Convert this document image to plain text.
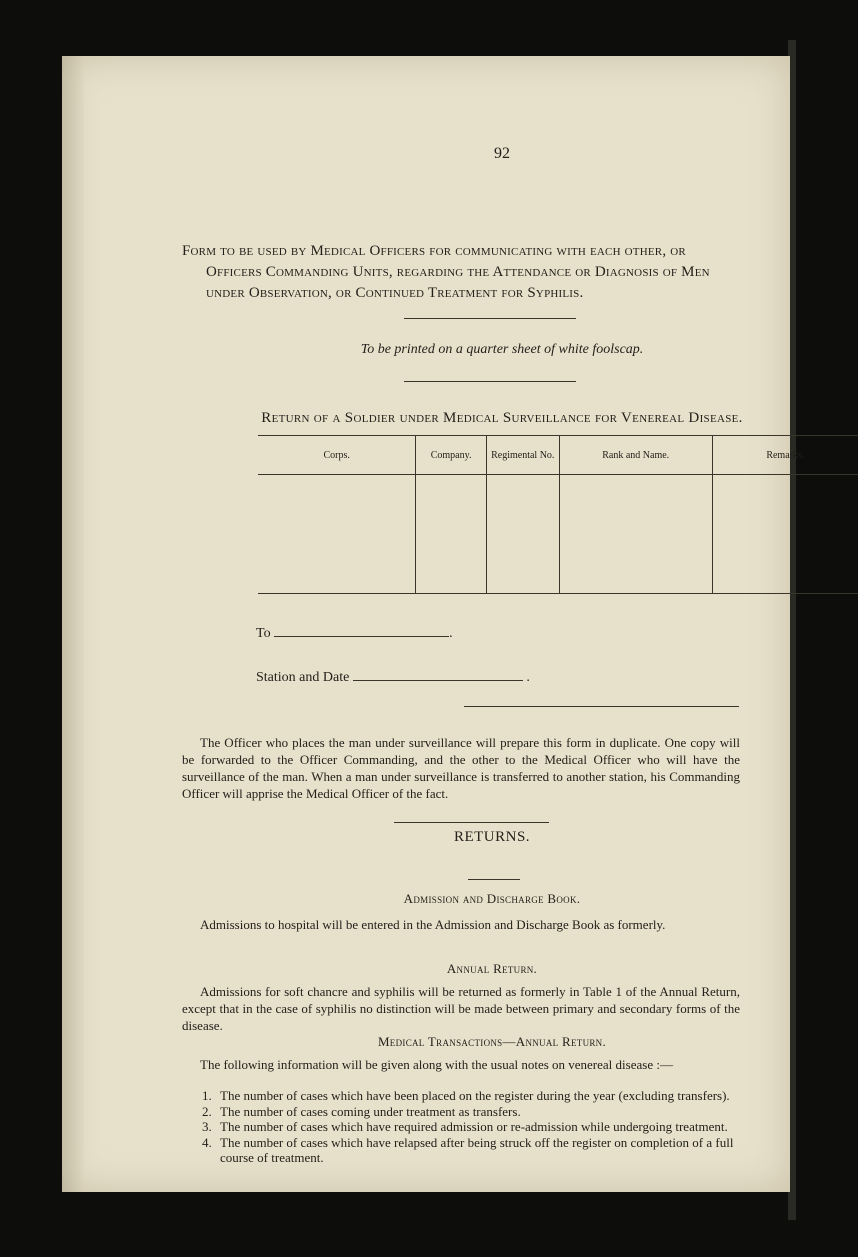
92
Form to be used by Medical Officers for communicating with each other, or
Officers Commanding Units, regarding the Attendance or Diagnosis of Men
under Observation, or Continued Treatment for Syphilis.
To be printed on a quarter sheet of white foolscap.
Return of a Soldier under Medical Surveillance for Venereal Disease.
Corps.	Company.	Regimental No.	Rank and Name.	Remarks.

To	.
Station and Date	.
The Officer who places the man under surveillance will prepare this form in duplicate. One copy will be forwarded to the Officer Commanding, and the other to the Medical Officer who will have the surveillance of the man. When a man under surveillance is transferred to another station, his Commanding Officer will apprise the Medical Officer of the fact.
RETURNS.
Admission and Discharge Book.
Admissions to hospital will be entered in the Admission and Discharge Book as formerly.
Annual Return.
Admissions for soft chancre and syphilis will be returned as formerly in Table 1 of the Annual Return, except that in the case of syphilis no distinction will be made between primary and secondary forms of the disease.
Medical Transactions—Annual Return.
The following information will be given along with the usual notes on venereal disease :—
1. The number of cases which have been placed on the register during the year (excluding transfers).
2. The number of cases coming under treatment as transfers.
3. The number of cases which have required admission or re-admission while undergoing treatment.
4. The number of cases which have relapsed after being struck off the register on completion of a full course of treatment.
